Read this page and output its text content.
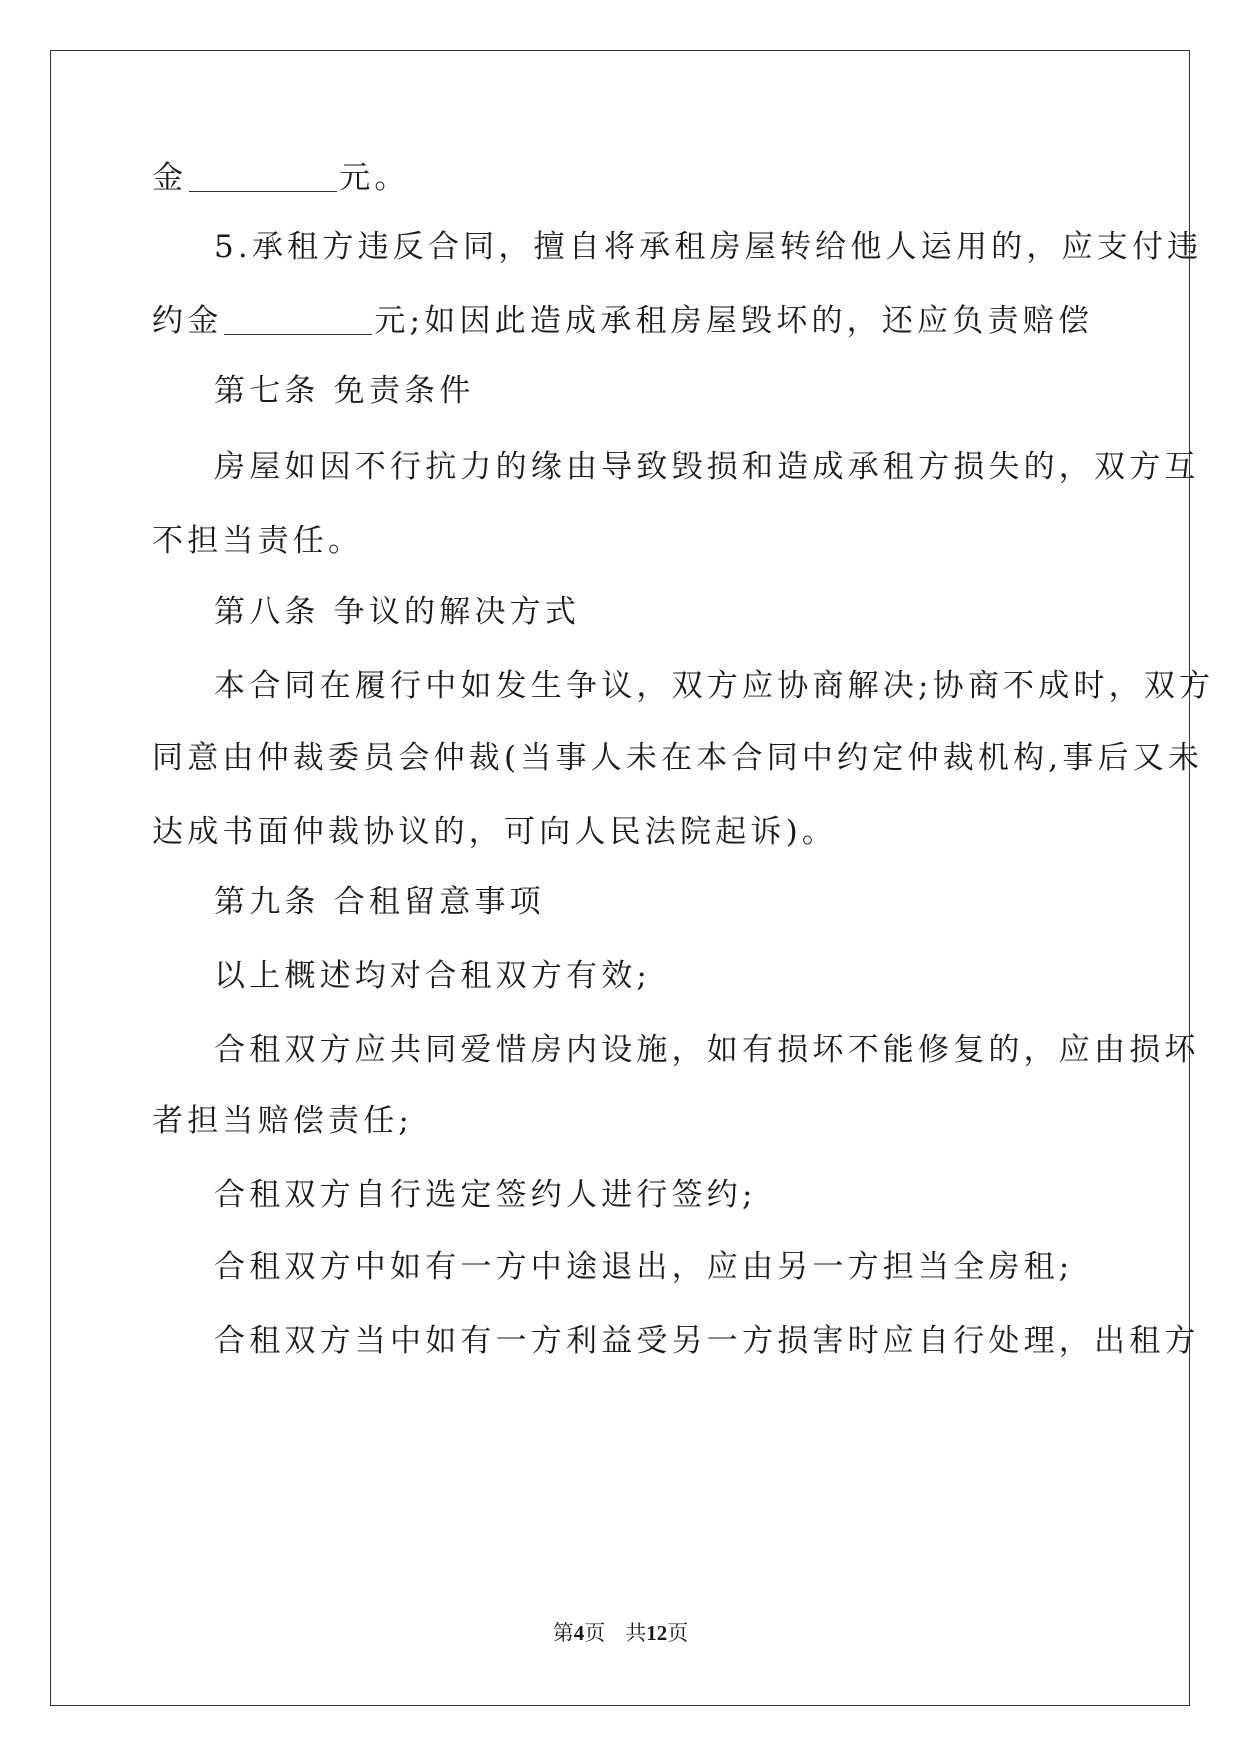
金	元。
5.承租方违反合同，擅自将承租房屋转给他人运用的，应支付违
约金	元;如因此造成承租房屋毁坏的，还应负责赔偿
第七条 免责条件
房屋如因不行抗力的缘由导致毁损和造成承租方损失的，双方互
不担当责任。
第八条 争议的解决方式
本合同在履行中如发生争议，双方应协商解决;协商不成时，双方
同意由仲裁委员会仲裁(当事人未在本合同中约定仲裁机构,事后又未
达成书面仲裁协议的，可向人民法院起诉)。
第九条 合租留意事项
以上概述均对合租双方有效;
合租双方应共同爱惜房内设施，如有损坏不能修复的，应由损坏
者担当赔偿责任;
合租双方自行选定签约人进行签约;
合租双方中如有一方中途退出，应由另一方担当全房租;
合租双方当中如有一方利益受另一方损害时应自行处理，出租方
第4页 共12页
